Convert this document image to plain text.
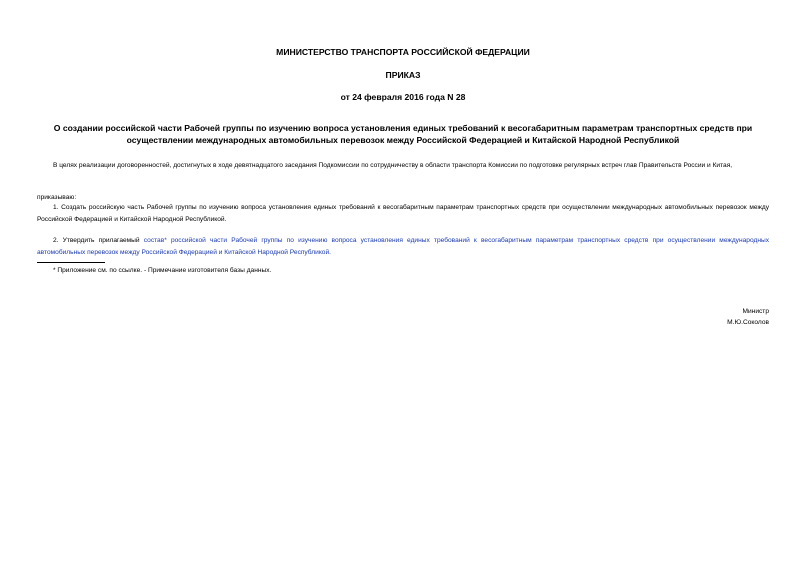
МИНИСТЕРСТВО ТРАНСПОРТА РОССИЙСКОЙ ФЕДЕРАЦИИ

ПРИКАЗ

от 24 февраля 2016 года N 28

О создании российской части Рабочей группы по изучению вопроса установления единых требований к весогабаритным параметрам транспортных средств при осуществлении международных автомобильных перевозок между Российской Федерацией и Китайской Народной Республикой

В целях реализации договоренностей, достигнутых в ходе девятнадцатого заседания Подкомиссии по сотрудничеству в области транспорта Комиссии по подготовке регулярных встреч глав Правительств России и Китая,

приказываю:

1. Создать российскую часть Рабочей группы по изучению вопроса установления единых требований к весогабаритным параметрам транспортных средств при осуществлении международных автомобильных перевозок между Российской Федерацией и Китайской Народной Республикой.

2. Утвердить прилагаемый состав* российской части Рабочей группы по изучению вопроса установления единых требований к весогабаритным параметрам транспортных средств при осуществлении международных автомобильных перевозок между Российской Федерацией и Китайской Народной Республикой.

* Приложение см. по ссылке. - Примечание изготовителя базы данных.

Министр

М.Ю.Соколов
